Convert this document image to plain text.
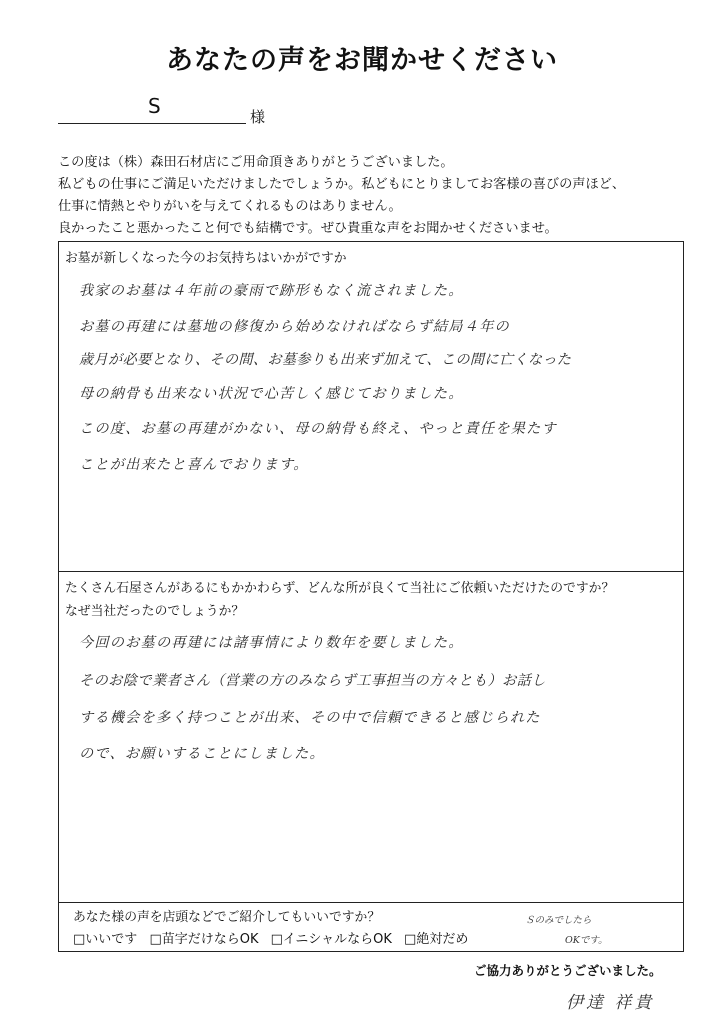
あなたの声をお聞かせください
S	様
この度は（株）森田石材店にご用命頂きありがとうございました。
私どもの仕事にご満足いただけましたでしょうか。私どもにとりましてお客様の喜びの声ほど、
仕事に情熱とやりがいを与えてくれるものはありません。
良かったこと悪かったこと何でも結構です。ぜひ貴重な声をお聞かせくださいませ。
お墓が新しくなった今のお気持ちはいかがですか
我家のお墓は４年前の豪雨で跡形もなく流されました。
お墓の再建には墓地の修復から始めなければならず結局４年の
歳月が必要となり、その間、お墓参りも出来ず加えて、この間に亡くなった
母の納骨も出来ない状況で心苦しく感じておりました。
この度、お墓の再建がかない、母の納骨も終え、やっと責任を果たす
ことが出来たと喜んでおります。
たくさん石屋さんがあるにもかかわらず、どんな所が良くて当社にご依頼いただけたのですか？
なぜ当社だったのでしょうか？
今回のお墓の再建には諸事情により数年を要しました。
そのお陰で業者さん（営業の方のみならず工事担当の方々とも）お話し
する機会を多く持つことが出来、その中で信頼できると感じられた
ので、お願いすることにしました。
あなた様の声を店頭などでご紹介してもいいですか？
□いいです □苗字だけならOK □イニシャルならOK □絶対だめ
Ｓのみでしたら
OKです。
ご協力ありがとうございました。
伊達 祥貴
